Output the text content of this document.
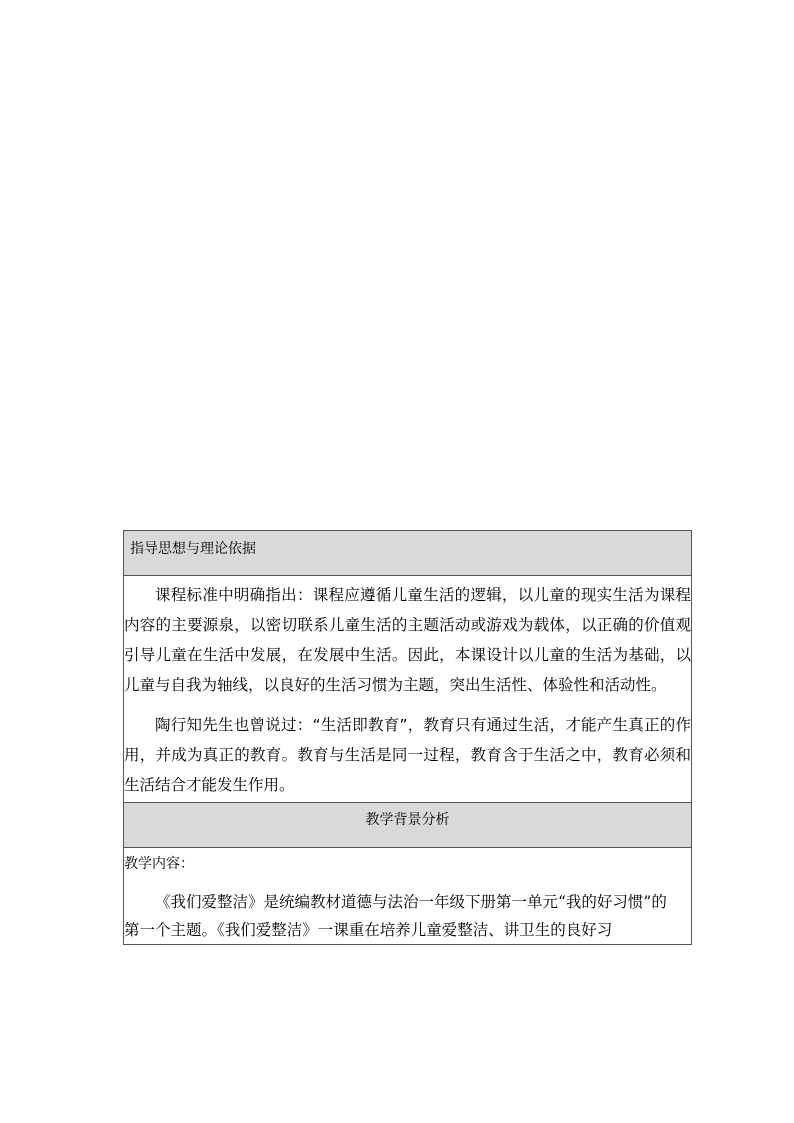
指导思想与理论依据

课程标准中明确指出：课程应遵循儿童生活的逻辑，以儿童的现实生活为课程内容的主要源泉，以密切联系儿童生活的主题活动或游戏为载体，以正确的价值观引导儿童在生活中发展，在发展中生活。因此，本课设计以儿童的生活为基础，以儿童与自我为轴线，以良好的生活习惯为主题，突出生活性、体验性和活动性。

陶行知先生也曾说过：“生活即教育”，教育只有通过生活，才能产生真正的作用，并成为真正的教育。教育与生活是同一过程，教育含于生活之中，教育必须和生活结合才能发生作用。

教学背景分析

教学内容：

《我们爱整洁》是统编教材道德与法治一年级下册第一单元“我的好习惯”的第一个主题。《我们爱整洁》一课重在培养儿童爱整洁、讲卫生的良好习
